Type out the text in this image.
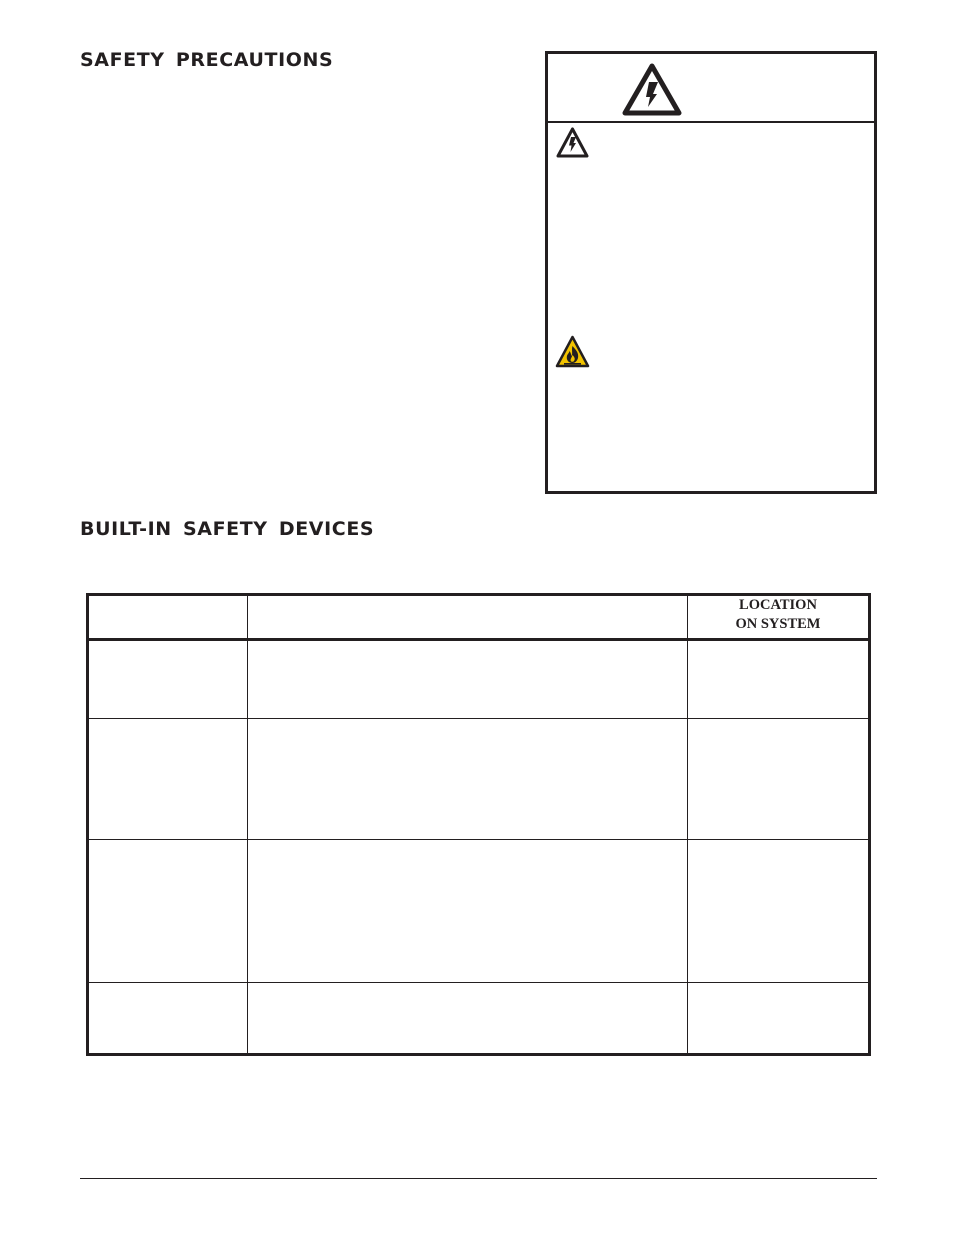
SAFETY PRECAUTIONS
BUILT-IN SAFETY DEVICES
		LOCATION
ON SYSTEM
